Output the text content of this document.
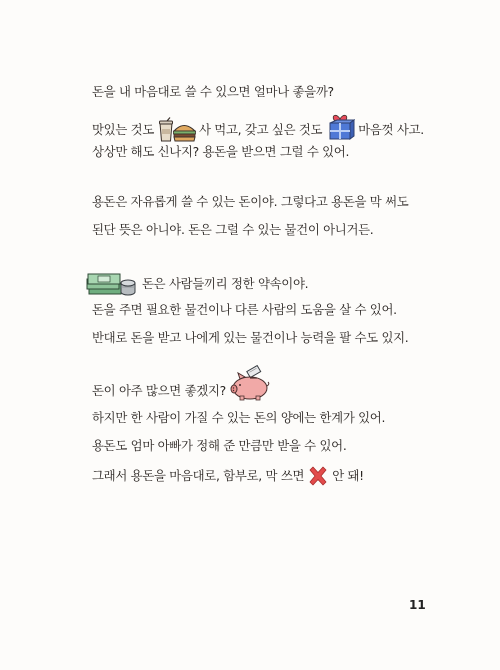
돈을 내 마음대로 쓸 수 있으면 얼마나 좋을까?
맛있는 것도	사 먹고, 갖고 싶은 것도	마음껏 사고.
상상만 해도 신나지? 용돈을 받으면 그럴 수 있어.
용돈은 자유롭게 쓸 수 있는 돈이야. 그렇다고 용돈을 막 써도
된단 뜻은 아니야. 돈은 그럴 수 있는 물건이 아니거든.
돈은 사람들끼리 정한 약속이야.
돈을 주면 필요한 물건이나 다른 사람의 도움을 살 수 있어.
반대로 돈을 받고 나에게 있는 물건이나 능력을 팔 수도 있지.
돈이 아주 많으면 좋겠지?
하지만 한 사람이 가질 수 있는 돈의 양에는 한계가 있어.
용돈도 엄마 아빠가 정해 준 만큼만 받을 수 있어.
그래서 용돈을 마음대로, 함부로, 막 쓰면 안 돼!
11
